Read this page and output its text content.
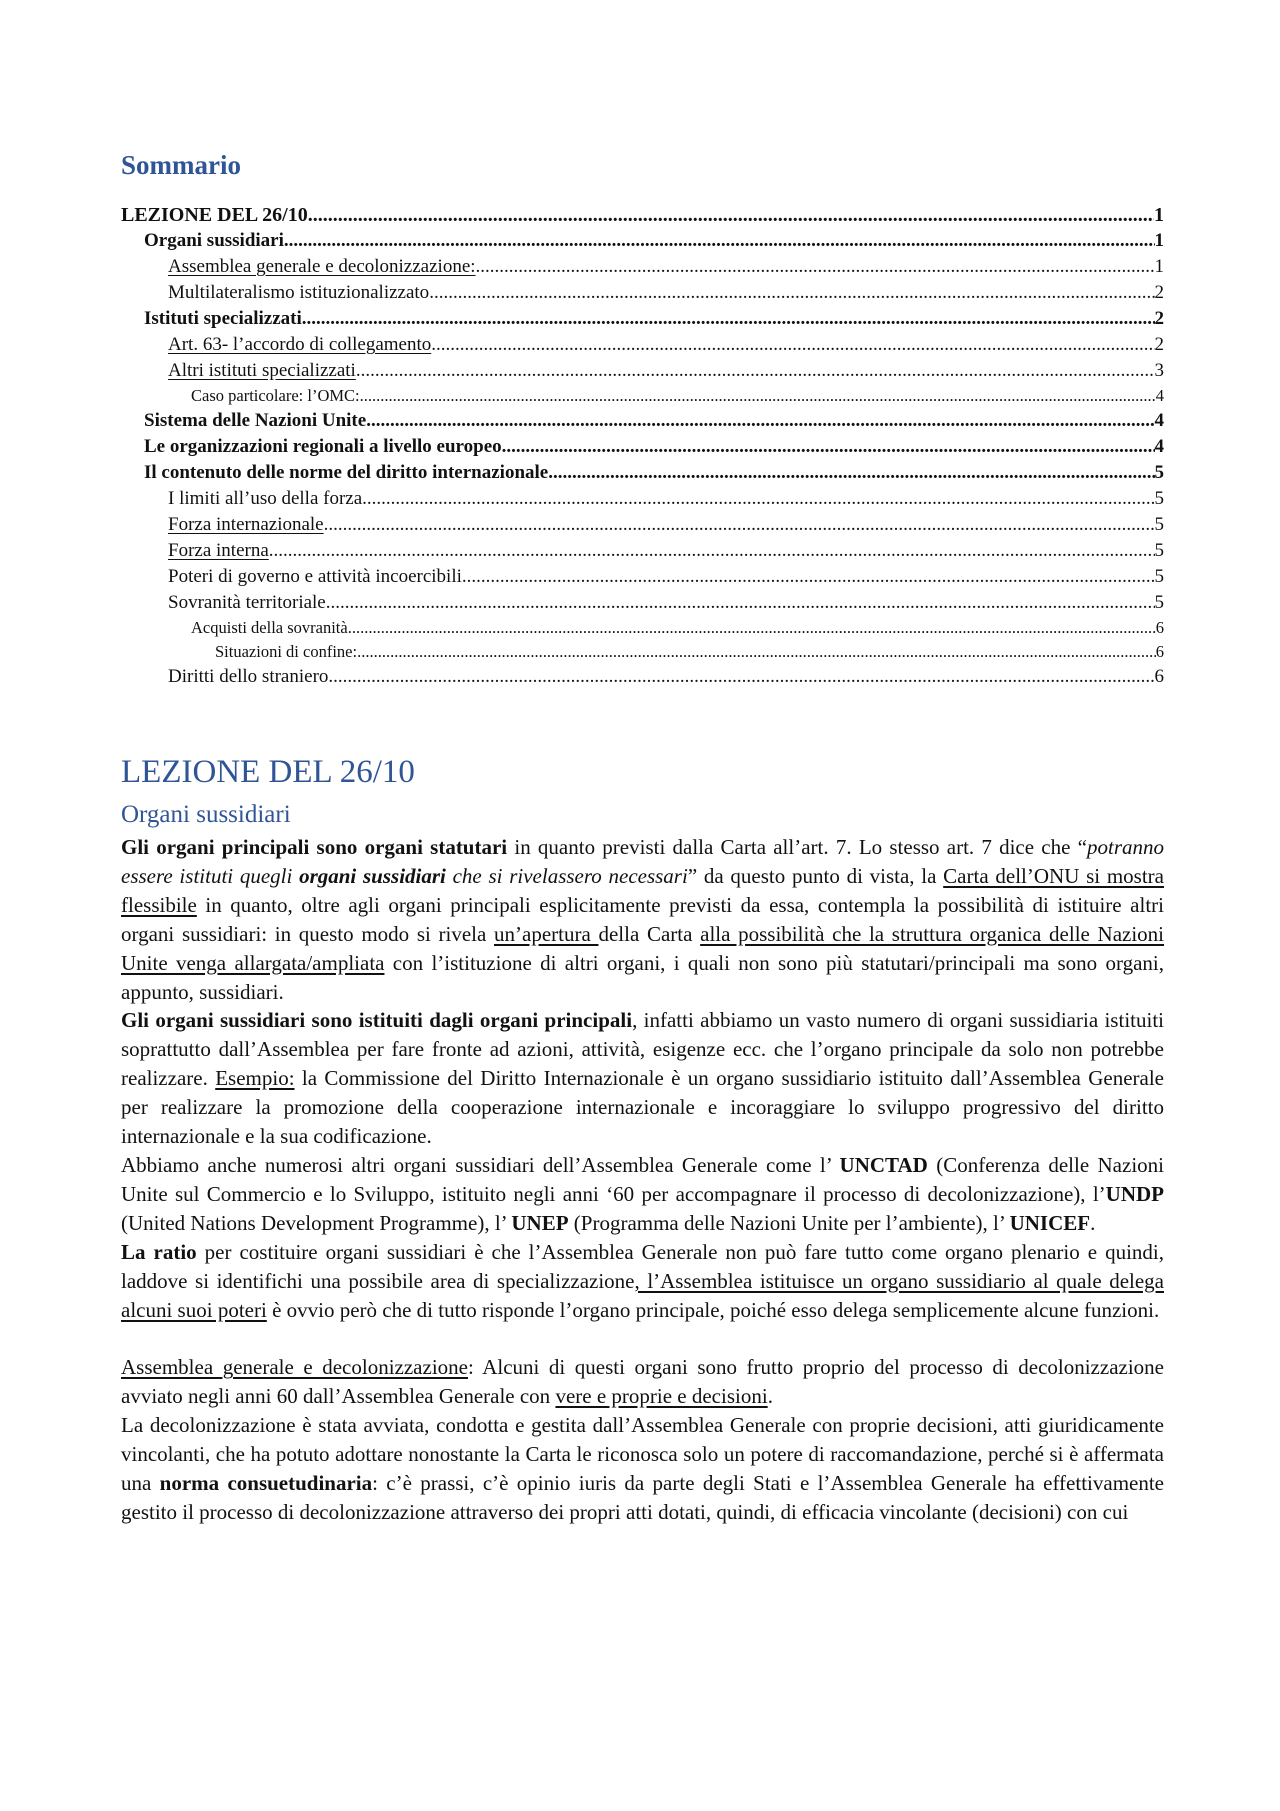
Sommario
LEZIONE DEL 26/10 .....	1
Organi sussidiari .....	1
Assemblea generale e decolonizzazione: .....	1
Multilateralismo istituzionalizzato .....	2
Istituti specializzati .....	2
Art. 63- l’accordo di collegamento .....	2
Altri istituti specializzati .....	3
Caso particolare: l’OMC: .....	4
Sistema delle Nazioni Unite .....	4
Le organizzazioni regionali a livello europeo .....	4
Il contenuto delle norme del diritto internazionale .....	5
I limiti all’uso della forza .....	5
Forza internazionale .....	5
Forza interna .....	5
Poteri di governo e attività incoercibili .....	5
Sovranità territoriale .....	5
Acquisti della sovranità .....	6
Situazioni di confine: .....	6
Diritti dello straniero .....	6
LEZIONE DEL 26/10
Organi sussidiari

Gli organi principali sono organi statutari in quanto previsti dalla Carta all’art. 7. Lo stesso art. 7 dice che “potranno essere istituti quegli organi sussidiari che si rivelassero necessari” da questo punto di vista, la Carta dell’ONU si mostra flessibile in quanto, oltre agli organi principali esplicitamente previsti da essa, contempla la possibilità di istituire altri organi sussidiari: in questo modo si rivela un’apertura della Carta alla possibilità che la struttura organica delle Nazioni Unite venga allargata/ampliata con l’istituzione di altri organi, i quali non sono più statutari/principali ma sono organi, appunto, sussidiari.

Gli organi sussidiari sono istituiti dagli organi principali, infatti abbiamo un vasto numero di organi sussidiaria istituiti soprattutto dall’Assemblea per fare fronte ad azioni, attività, esigenze ecc. che l’organo principale da solo non potrebbe realizzare. Esempio: la Commissione del Diritto Internazionale è un organo sussidiario istituito dall’Assemblea Generale per realizzare la promozione della cooperazione internazionale e incoraggiare lo sviluppo progressivo del diritto internazionale e la sua codificazione.

Abbiamo anche numerosi altri organi sussidiari dell’Assemblea Generale come l’ UNCTAD (Conferenza delle Nazioni Unite sul Commercio e lo Sviluppo, istituito negli anni ‘60 per accompagnare il processo di decolonizzazione), l’UNDP (United Nations Development Programme), l’ UNEP (Programma delle Nazioni Unite per l’ambiente), l’ UNICEF.

La ratio per costituire organi sussidiari è che l’Assemblea Generale non può fare tutto come organo plenario e quindi, laddove si identifichi una possibile area di specializzazione, l’Assemblea istituisce un organo sussidiario al quale delega alcuni suoi poteri è ovvio però che di tutto risponde l’organo principale, poiché esso delega semplicemente alcune funzioni.

Assemblea generale e decolonizzazione: Alcuni di questi organi sono frutto proprio del processo di decolonizzazione avviato negli anni 60 dall’Assemblea Generale con vere e proprie e decisioni.

La decolonizzazione è stata avviata, condotta e gestita dall’Assemblea Generale con proprie decisioni, atti giuridicamente vincolanti, che ha potuto adottare nonostante la Carta le riconosca solo un potere di raccomandazione, perché si è affermata una norma consuetudinaria: c’è prassi, c’è opinio iuris da parte degli Stati e l’Assemblea Generale ha effettivamente gestito il processo di decolonizzazione attraverso dei propri atti dotati, quindi, di efficacia vincolante (decisioni) con cui
